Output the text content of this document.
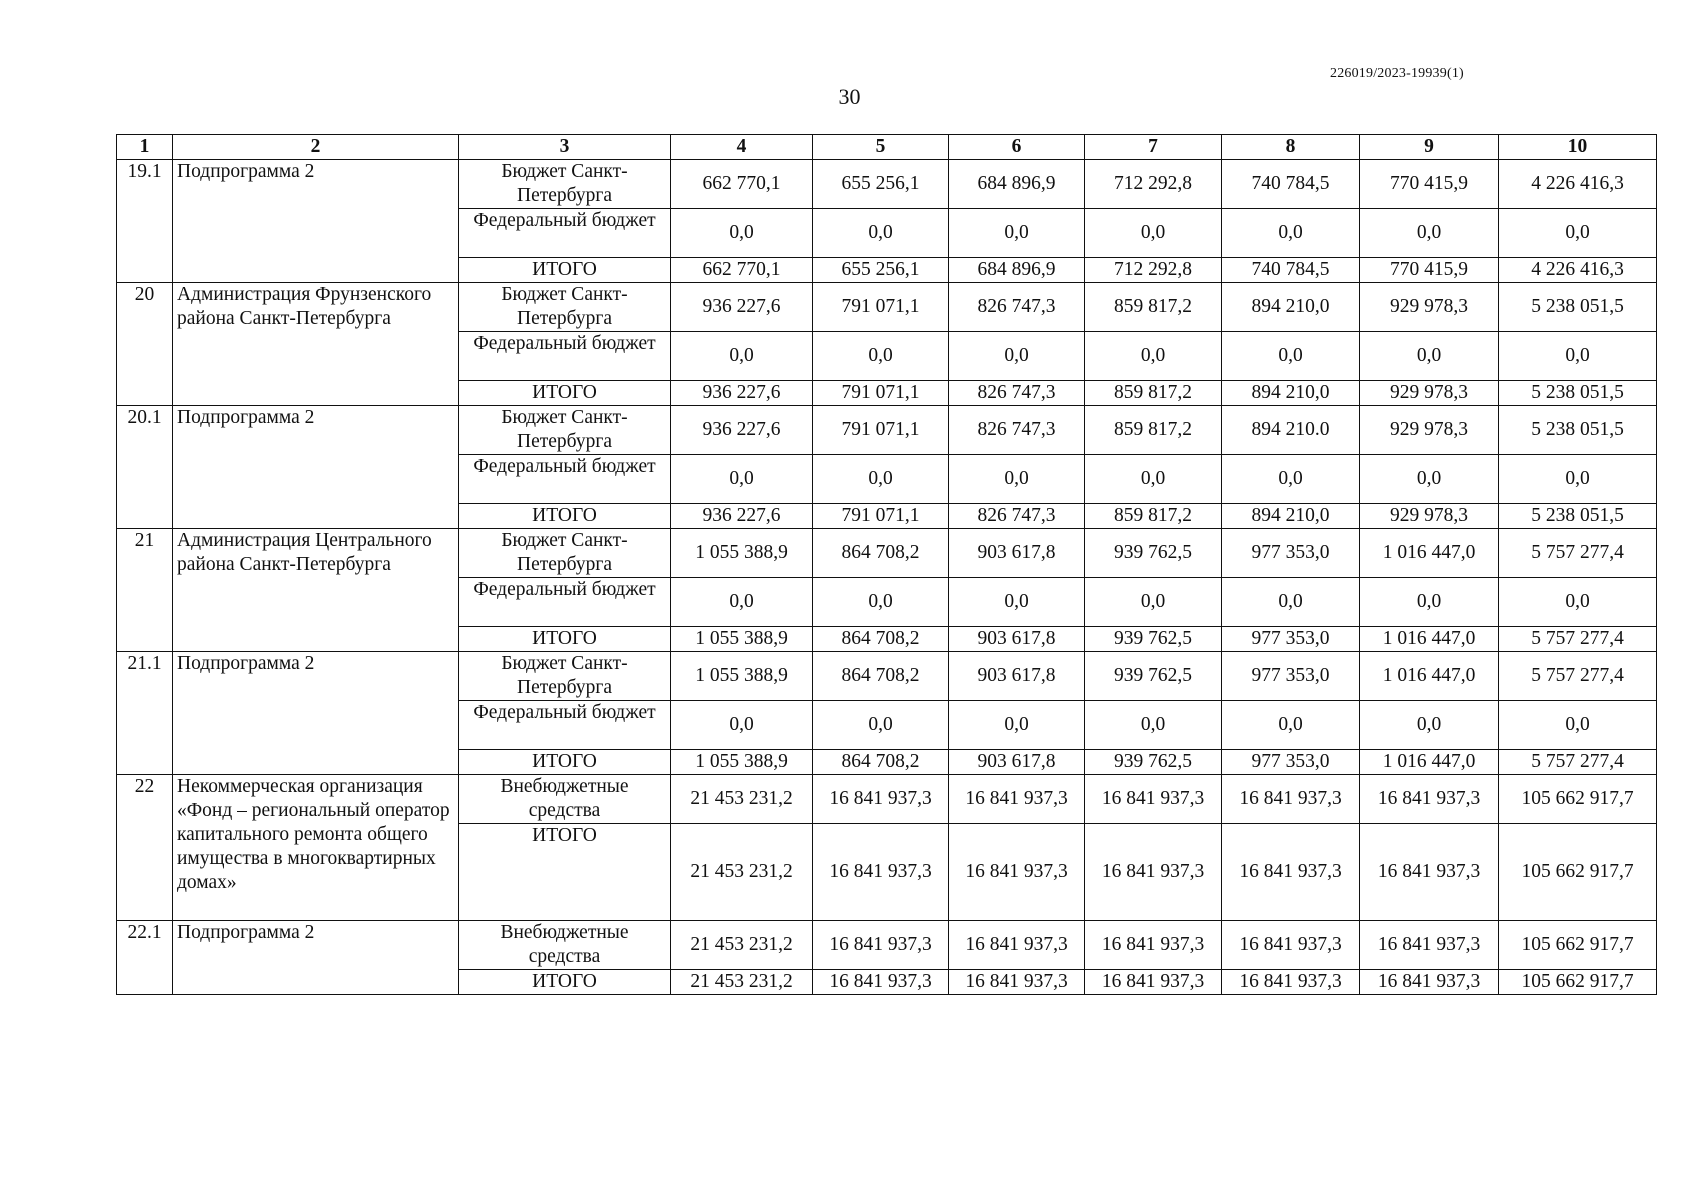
226019/2023-19939(1)
30
1	2	3	4	5	6	7	8	9	10
19.1	Подпрограмма 2	Бюджет Санкт-Петербурга	662 770,1	655 256,1	684 896,9	712 292,8	740 784,5	770 415,9	4 226 416,3
		Федеральный бюджет	0,0	0,0	0,0	0,0	0,0	0,0	0,0
		ИТОГО	662 770,1	655 256,1	684 896,9	712 292,8	740 784,5	770 415,9	4 226 416,3
20	Администрация Фрунзенского района Санкт-Петербурга	Бюджет Санкт-Петербурга	936 227,6	791 071,1	826 747,3	859 817,2	894 210,0	929 978,3	5 238 051,5
		Федеральный бюджет	0,0	0,0	0,0	0,0	0,0	0,0	0,0
		ИТОГО	936 227,6	791 071,1	826 747,3	859 817,2	894 210,0	929 978,3	5 238 051,5
20.1	Подпрограмма 2	Бюджет Санкт-Петербурга	936 227,6	791 071,1	826 747,3	859 817,2	894 210.0	929 978,3	5 238 051,5
		Федеральный бюджет	0,0	0,0	0,0	0,0	0,0	0,0	0,0
		ИТОГО	936 227,6	791 071,1	826 747,3	859 817,2	894 210,0	929 978,3	5 238 051,5
21	Администрация Центрального района Санкт-Петербурга	Бюджет Санкт-Петербурга	1 055 388,9	864 708,2	903 617,8	939 762,5	977 353,0	1 016 447,0	5 757 277,4
		Федеральный бюджет	0,0	0,0	0,0	0,0	0,0	0,0	0,0
		ИТОГО	1 055 388,9	864 708,2	903 617,8	939 762,5	977 353,0	1 016 447,0	5 757 277,4
21.1	Подпрограмма 2	Бюджет Санкт-Петербурга	1 055 388,9	864 708,2	903 617,8	939 762,5	977 353,0	1 016 447,0	5 757 277,4
		Федеральный бюджет	0,0	0,0	0,0	0,0	0,0	0,0	0,0
		ИТОГО	1 055 388,9	864 708,2	903 617,8	939 762,5	977 353,0	1 016 447,0	5 757 277,4
22	Некоммерческая организация «Фонд – региональный оператор капитального ремонта общего имущества в многоквартирных домах»	Внебюджетные средства	21 453 231,2	16 841 937,3	16 841 937,3	16 841 937,3	16 841 937,3	16 841 937,3	105 662 917,7
		ИТОГО	21 453 231,2	16 841 937,3	16 841 937,3	16 841 937,3	16 841 937,3	16 841 937,3	105 662 917,7
22.1	Подпрограмма 2	Внебюджетные средства	21 453 231,2	16 841 937,3	16 841 937,3	16 841 937,3	16 841 937,3	16 841 937,3	105 662 917,7
		ИТОГО	21 453 231,2	16 841 937,3	16 841 937,3	16 841 937,3	16 841 937,3	16 841 937,3	105 662 917,7
